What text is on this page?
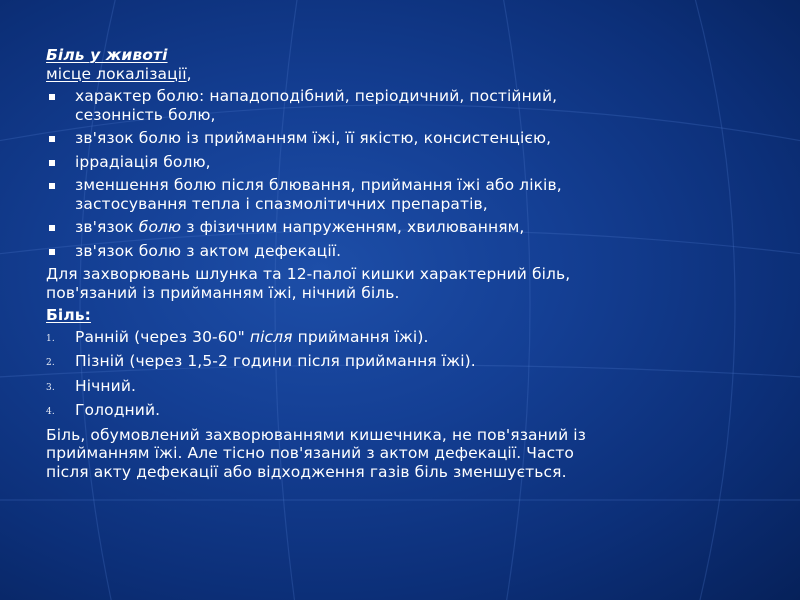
Біль у животі
місце локалізації,
характер болю: нападоподібний, періодичний, постійний,
сезонність болю,
зв'язок болю із прийманням їжі, її якістю, консистенцією,
іррадіація болю,
зменшення болю після блювання, приймання їжі або ліків,
застосування тепла і спазмолітичних препаратів,
зв'язок болю з фізичним напруженням, хвилюванням,
зв'язок болю з актом дефекації.
Для захворювань шлунка та 12-палої кишки характерний біль,
пов'язаний із прийманням їжі, нічний біль.
Біль:
1. Ранній (через 30-60" після приймання їжі).
2. Пізній (через 1,5-2 години після приймання їжі).
3. Нічний.
4. Голодний.
Біль, обумовлений захворюваннями кишечника, не пов'язаний із
прийманням їжі. Але тісно пов'язаний з актом дефекації. Часто
після акту дефекації або відходження газів біль зменшується.
